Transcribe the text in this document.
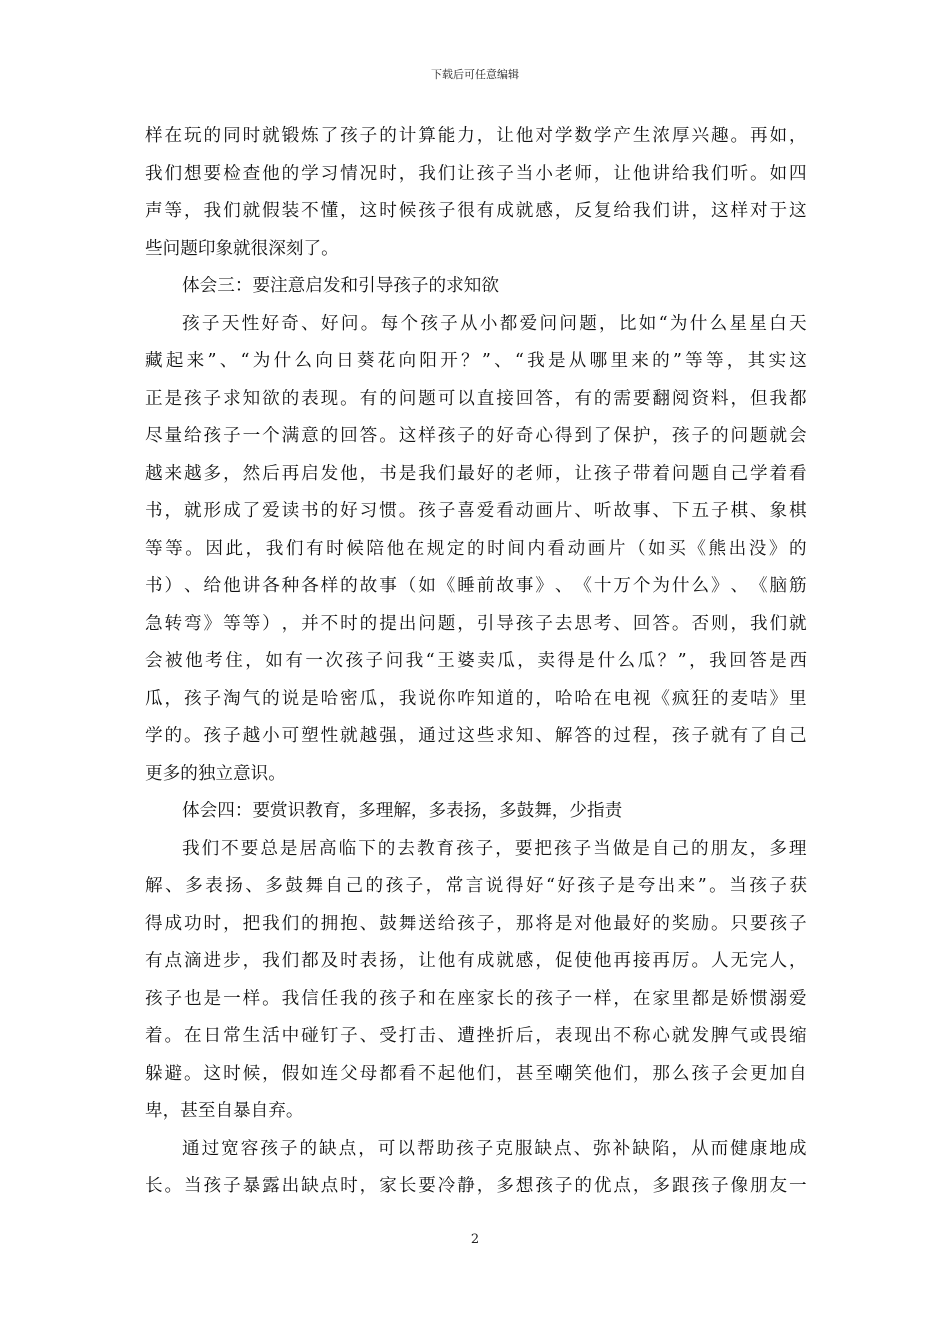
下载后可任意编辑
样 在 玩 的 同 时 就 锻 炼 了 孩 子 的 计 算 能 力 ， 让 他 对 学 数 学 产 生 浓 厚 兴 趣 。 再 如 ，
我 们 想 要 检 查 他 的 学 习 情 况 时 ， 我 们 让 孩 子 当 小 老 师 ， 让 他 讲 给 我 们 听 。 如 四
声 等 ， 我 们 就 假 装 不 懂 ， 这 时 候 孩 子 很 有 成 就 感 ， 反 复 给 我 们 讲 ， 这 样 对 于 这
些 问 题 印 象 就 很 深 刻 了 。
体 会 三 ： 要 注 意 启 发 和 引 导 孩 子 的 求 知 欲
孩 子 天 性 好 奇 、 好 问 。 每 个 孩 子 从 小 都 爱 问 问 题 ， 比 如 “ 为 什 么 星 星 白 天
藏 起 来 ” 、 “ 为 什 么 向 日 葵 花 向 阳 开 ？ ” 、 “ 我 是 从 哪 里 来 的 ” 等 等 ， 其 实 这
正 是 孩 子 求 知 欲 的 表 现 。 有 的 问 题 可 以 直 接 回 答 ， 有 的 需 要 翻 阅 资 料 ， 但 我 都
尽 量 给 孩 子 一 个 满 意 的 回 答 。 这 样 孩 子 的 好 奇 心 得 到 了 保 护 ， 孩 子 的 问 题 就 会
越 来 越 多 ， 然 后 再 启 发 他 ， 书 是 我 们 最 好 的 老 师 ， 让 孩 子 带 着 问 题 自 己 学 着 看
书 ， 就 形 成 了 爱 读 书 的 好 习 惯 。 孩 子 喜 爱 看 动 画 片 、 听 故 事 、 下 五 子 棋 、 象 棋
等 等 。 因 此 ， 我 们 有 时 候 陪 他 在 规 定 的 时 间 内 看 动 画 片 （ 如 买 《 熊 出 没 》 的
书 ） 、 给 他 讲 各 种 各 样 的 故 事 （ 如 《 睡 前 故 事 》 、 《 十 万 个 为 什 么 》 、 《 脑 筋
急 转 弯 》 等 等 ） ， 并 不 时 的 提 出 问 题 ， 引 导 孩 子 去 思 考 、 回 答 。 否 则 ， 我 们 就
会 被 他 考 住 ， 如 有 一 次 孩 子 问 我 “ 王 婆 卖 瓜 ， 卖 得 是 什 么 瓜 ？ ” ， 我 回 答 是 西
瓜 ， 孩 子 淘 气 的 说 是 哈 密 瓜 ， 我 说 你 咋 知 道 的 ， 哈 哈 在 电 视 《 疯 狂 的 麦 咭 》 里
学 的 。 孩 子 越 小 可 塑 性 就 越 强 ， 通 过 这 些 求 知 、 解 答 的 过 程 ， 孩 子 就 有 了 自 己
更 多 的 独 立 意 识 。
体 会 四 ： 要 赏 识 教 育 ， 多 理 解 ， 多 表 扬 ， 多 鼓 舞 ， 少 指 责
我 们 不 要 总 是 居 高 临 下 的 去 教 育 孩 子 ， 要 把 孩 子 当 做 是 自 己 的 朋 友 ， 多 理
解 、 多 表 扬 、 多 鼓 舞 自 己 的 孩 子 ， 常 言 说 得 好 “ 好 孩 子 是 夸 出 来 ” 。 当 孩 子 获
得 成 功 时 ， 把 我 们 的 拥 抱 、 鼓 舞 送 给 孩 子 ， 那 将 是 对 他 最 好 的 奖 励 。 只 要 孩 子
有 点 滴 进 步 ， 我 们 都 及 时 表 扬 ， 让 他 有 成 就 感 ， 促 使 他 再 接 再 厉 。 人 无 完 人 ，
孩 子 也 是 一 样 。 我 信 任 我 的 孩 子 和 在 座 家 长 的 孩 子 一 样 ， 在 家 里 都 是 娇 惯 溺 爱
着 。 在 日 常 生 活 中 碰 钉 子 、 受 打 击 、 遭 挫 折 后 ， 表 现 出 不 称 心 就 发 脾 气 或 畏 缩
躲 避 。 这 时 候 ， 假 如 连 父 母 都 看 不 起 他 们 ， 甚 至 嘲 笑 他 们 ， 那 么 孩 子 会 更 加 自
卑 ， 甚 至 自 暴 自 弃 。
通 过 宽 容 孩 子 的 缺 点 ， 可 以 帮 助 孩 子 克 服 缺 点 、 弥 补 缺 陷 ， 从 而 健 康 地 成
长 。 当 孩 子 暴 露 出 缺 点 时 ， 家 长 要 冷 静 ， 多 想 孩 子 的 优 点 ， 多 跟 孩 子 像 朋 友 一
2
